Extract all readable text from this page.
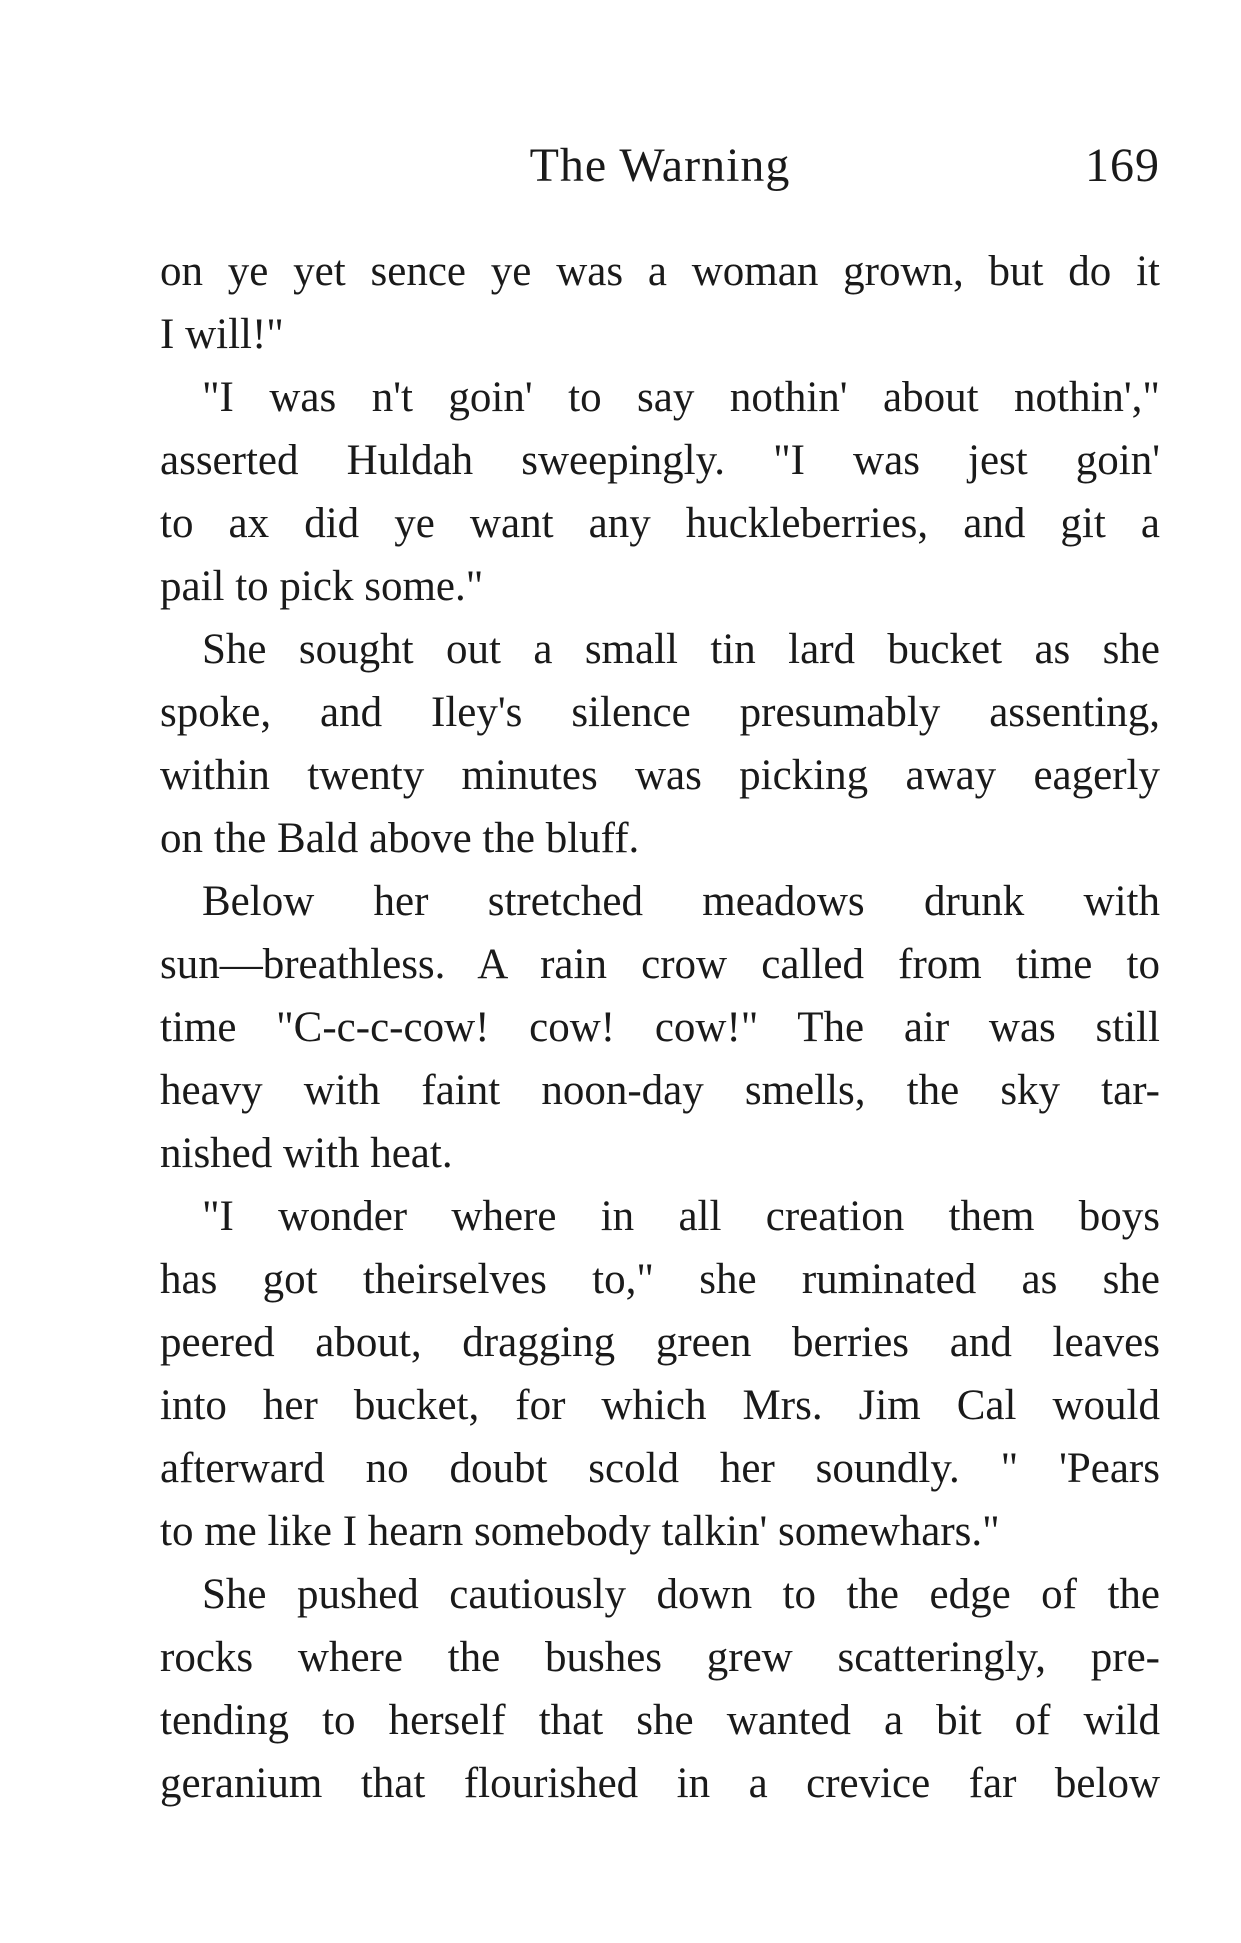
The Warning	169
on ye yet sence ye was a woman grown, but do it
I will!"
"I was n't goin' to say nothin' about nothin',"
asserted Huldah sweepingly. "I was jest goin'
to ax did ye want any huckleberries, and git a
pail to pick some."
She sought out a small tin lard bucket as she
spoke, and Iley's silence presumably assenting,
within twenty minutes was picking away eagerly
on the Bald above the bluff.
Below her stretched meadows drunk with
sun—breathless. A rain crow called from time to
time "C-c-c-cow! cow! cow!" The air was still
heavy with faint noon-day smells, the sky tar-
nished with heat.
"I wonder where in all creation them boys
has got theirselves to," she ruminated as she
peered about, dragging green berries and leaves
into her bucket, for which Mrs. Jim Cal would
afterward no doubt scold her soundly. " 'Pears
to me like I hearn somebody talkin' somewhars."
She pushed cautiously down to the edge of the
rocks where the bushes grew scatteringly, pre-
tending to herself that she wanted a bit of wild
geranium that flourished in a crevice far below
